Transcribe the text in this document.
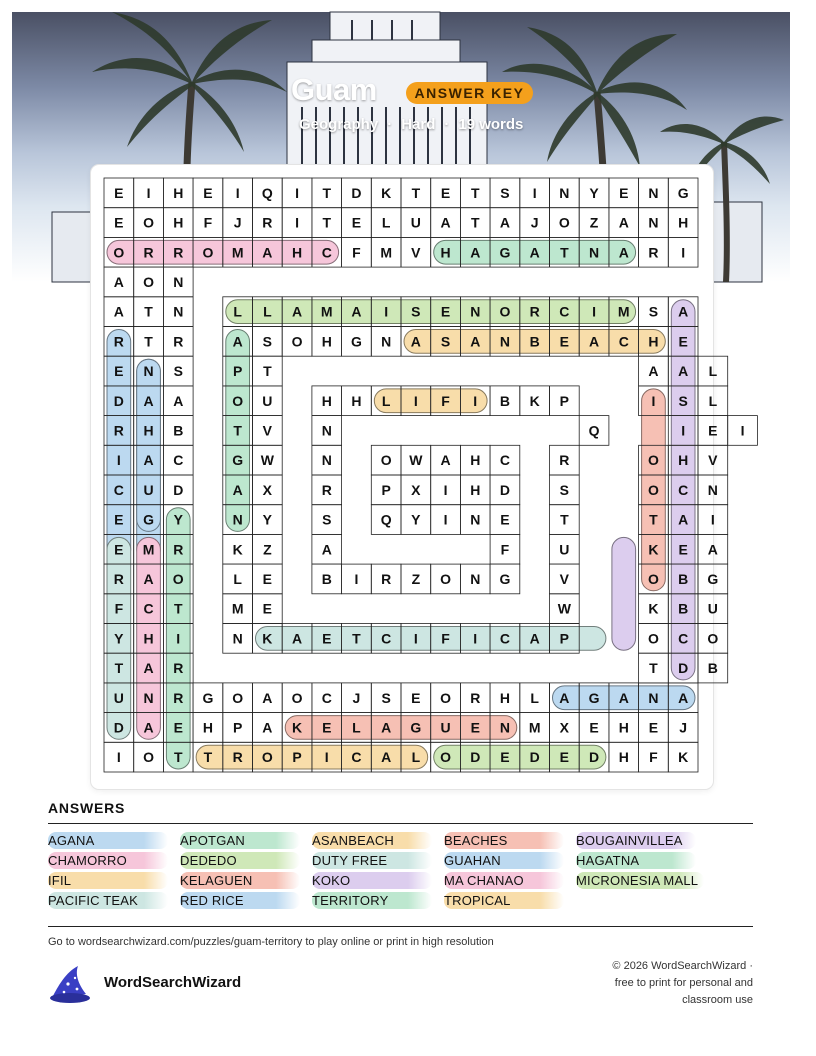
Guam	ANSWER KEY
Geography · Hard · 19 words
E I H E I Q I T D K T E T S I N Y E N G
E O H F J R I T E L U A T A J O Z A N H
O R R O M A H C F M V H A G A T N A R I
A O N
A T N	L L A M A I S E N O R C I M S A
R T R	A S O H G N A S A N B E A C H E
E N S	P T	A A L
D A A	O U	H H L I F I B K P	I S L
R H B	T V	N	Q	I E I
I A C	G W	N	O W A H C	R	O H V
C U D	A X	R	P X I H D	S	O C N
E G Y	N Y	S	Q Y I N E	T	T A I
E M R	K Z	A	F	U	K E A
R A O	L E	B I R Z O N G	V	O B G
F C T	M E	W	K B U
Y H I	N K A E T C I F I C A P	O C O
T A R	T D B
U N R G O A O C J S E O R H L A G A N A
D A E H P A K E L A G U E N M X E H E J
I O T T R O P I C A L O D E D E D H F K
ANSWERS
AGANA
CHAMORRO
IFIL
PACIFIC TEAK
APOTGAN
DEDEDO
KELAGUEN
RED RICE
ASANBEACH
DUTY FREE
KOKO
TERRITORY
BEACHES
GUAHAN
MA CHANAO
TROPICAL
BOUGAINVILLEA
HAGATNA
MICRONESIA MALL
Go to wordsearchwizard.com/puzzles/guam-territory to play online or print in high resolution
WordSearchWizard
© 2026 WordSearchWizard ·
free to print for personal and
classroom use
